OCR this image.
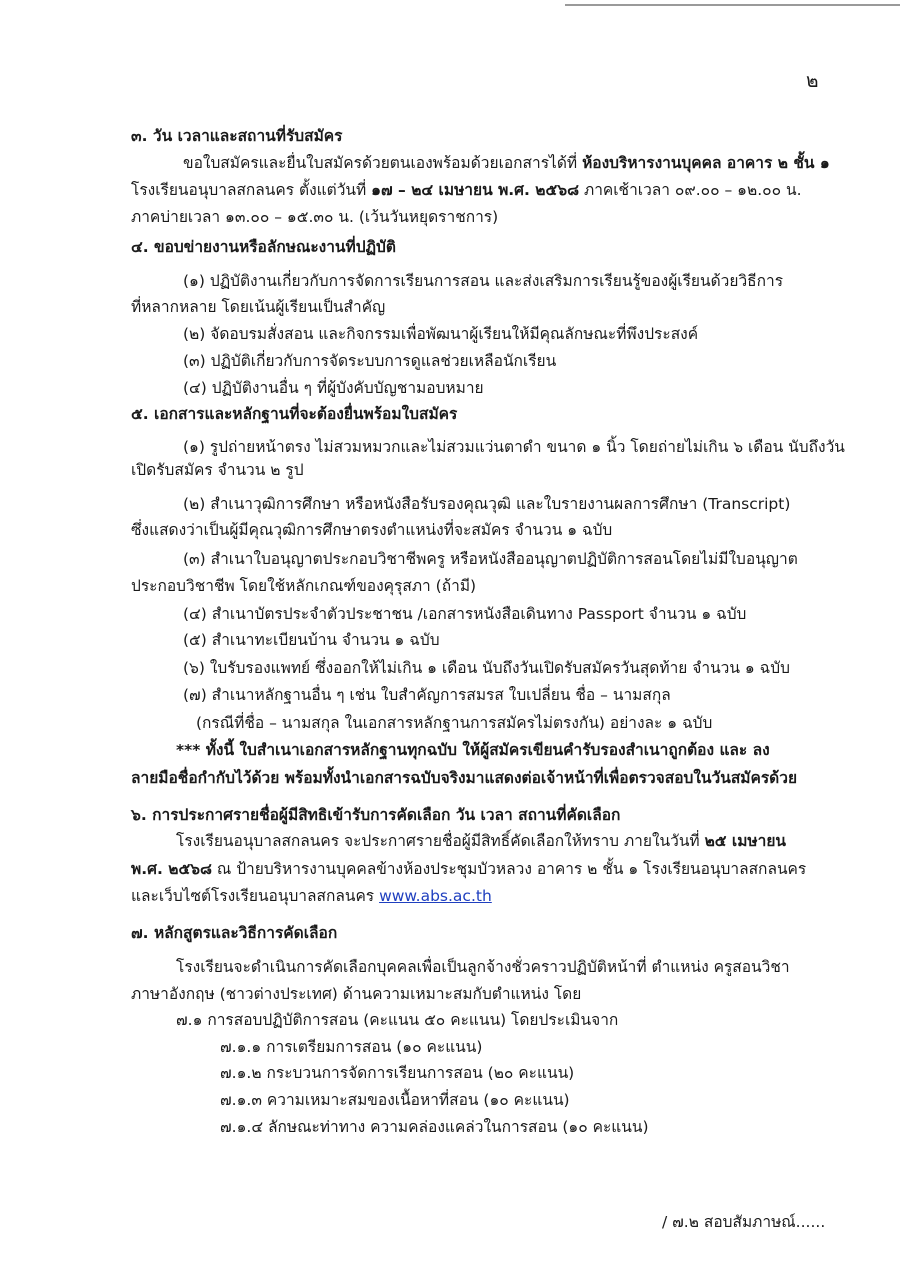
๒
๓. วัน เวลาและสถานที่รับสมัคร
ขอใบสมัครและยื่นใบสมัครด้วยตนเองพร้อมด้วยเอกสารได้ที่ ห้องบริหารงานบุคคล อาคาร ๒ ชั้น ๑
โรงเรียนอนุบาลสกลนคร ตั้งแต่วันที่ ๑๗ – ๒๔ เมษายน พ.ศ. ๒๕๖๘ ภาคเช้าเวลา ๐๙.๐๐ – ๑๒.๐๐ น.
ภาคบ่ายเวลา ๑๓.๐๐ – ๑๕.๓๐ น. (เว้นวันหยุดราชการ)
๔. ขอบข่ายงานหรือลักษณะงานที่ปฏิบัติ
(๑) ปฏิบัติงานเกี่ยวกับการจัดการเรียนการสอน และส่งเสริมการเรียนรู้ของผู้เรียนด้วยวิธีการ
ที่หลากหลาย โดยเน้นผู้เรียนเป็นสำคัญ
(๒) จัดอบรมสั่งสอน และกิจกรรมเพื่อพัฒนาผู้เรียนให้มีคุณลักษณะที่พึงประสงค์
(๓) ปฏิบัติเกี่ยวกับการจัดระบบการดูแลช่วยเหลือนักเรียน
(๔) ปฏิบัติงานอื่น ๆ ที่ผู้บังคับบัญชามอบหมาย
๕. เอกสารและหลักฐานที่จะต้องยื่นพร้อมใบสมัคร
(๑) รูปถ่ายหน้าตรง ไม่สวมหมวกและไม่สวมแว่นตาดำ ขนาด ๑ นิ้ว โดยถ่ายไม่เกิน ๖ เดือน นับถึงวัน
เปิดรับสมัคร จำนวน ๒ รูป
(๒) สำเนาวุฒิการศึกษา หรือหนังสือรับรองคุณวุฒิ และใบรายงานผลการศึกษา (Transcript)
ซึ่งแสดงว่าเป็นผู้มีคุณวุฒิการศึกษาตรงตำแหน่งที่จะสมัคร จำนวน ๑ ฉบับ
(๓) สำเนาใบอนุญาตประกอบวิชาชีพครู หรือหนังสืออนุญาตปฏิบัติการสอนโดยไม่มีใบอนุญาต
ประกอบวิชาชีพ โดยใช้หลักเกณฑ์ของคุรุสภา (ถ้ามี)
(๔) สำเนาบัตรประจำตัวประชาชน /เอกสารหนังสือเดินทาง Passport จำนวน ๑ ฉบับ
(๕) สำเนาทะเบียนบ้าน จำนวน ๑ ฉบับ
(๖) ใบรับรองแพทย์ ซึ่งออกให้ไม่เกิน ๑ เดือน นับถึงวันเปิดรับสมัครวันสุดท้าย จำนวน ๑ ฉบับ
(๗) สำเนาหลักฐานอื่น ๆ เช่น ใบสำคัญการสมรส ใบเปลี่ยน ชื่อ – นามสกุล
(กรณีที่ชื่อ – นามสกุล ในเอกสารหลักฐานการสมัครไม่ตรงกัน) อย่างละ ๑ ฉบับ
*** ทั้งนี้ ใบสำเนาเอกสารหลักฐานทุกฉบับ ให้ผู้สมัครเขียนคำรับรองสำเนาถูกต้อง และ ลง
ลายมือชื่อกำกับไว้ด้วย พร้อมทั้งนำเอกสารฉบับจริงมาแสดงต่อเจ้าหน้าที่เพื่อตรวจสอบในวันสมัครด้วย
๖. การประกาศรายชื่อผู้มีสิทธิเข้ารับการคัดเลือก วัน เวลา สถานที่คัดเลือก
โรงเรียนอนุบาลสกลนคร จะประกาศรายชื่อผู้มีสิทธิ์คัดเลือกให้ทราบ ภายในวันที่ ๒๕ เมษายน
พ.ศ. ๒๕๖๘ ณ ป้ายบริหารงานบุคคลข้างห้องประชุมบัวหลวง อาคาร ๒ ชั้น ๑ โรงเรียนอนุบาลสกลนคร
และเว็บไซต์โรงเรียนอนุบาลสกลนคร www.abs.ac.th
๗. หลักสูตรและวิธีการคัดเลือก
โรงเรียนจะดำเนินการคัดเลือกบุคคลเพื่อเป็นลูกจ้างชั่วคราวปฏิบัติหน้าที่ ตำแหน่ง ครูสอนวิชา
ภาษาอังกฤษ (ชาวต่างประเทศ) ด้านความเหมาะสมกับตำแหน่ง โดย
๗.๑ การสอบปฏิบัติการสอน (คะแนน ๕๐ คะแนน) โดยประเมินจาก
๗.๑.๑ การเตรียมการสอน (๑๐ คะแนน)
๗.๑.๒ กระบวนการจัดการเรียนการสอน (๒๐ คะแนน)
๗.๑.๓ ความเหมาะสมของเนื้อหาที่สอน (๑๐ คะแนน)
๗.๑.๔ ลักษณะท่าทาง ความคล่องแคล่วในการสอน (๑๐ คะแนน)
/ ๗.๒ สอบสัมภาษณ์......
